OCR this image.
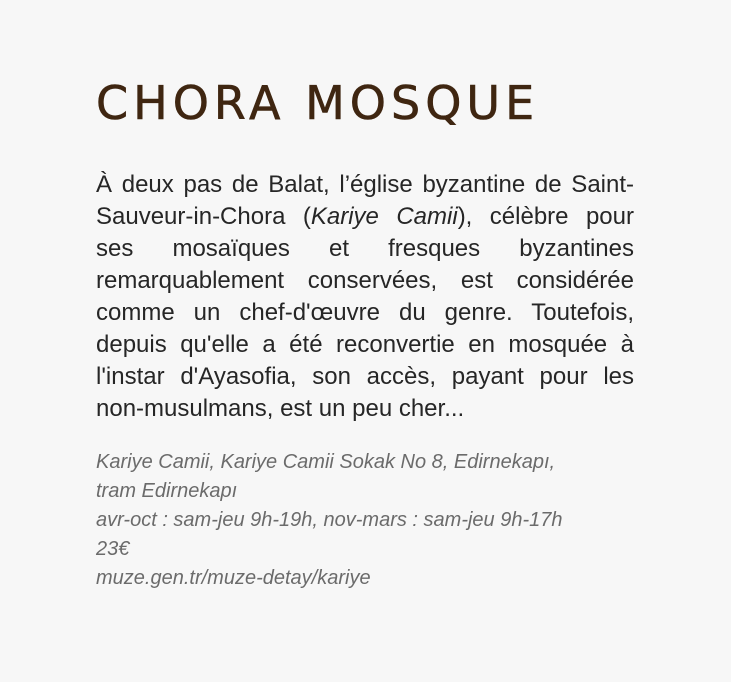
CHORA MOSQUE

À deux pas de Balat, l’église byzantine de Saint-Sauveur-in-Chora (Kariye Camii), célèbre pour ses mosaïques et fresques byzantines remarquablement conservées, est considérée comme un chef-d'œuvre du genre. Toutefois, depuis qu'elle a été reconvertie en mosquée à l'instar d'Ayasofia, son accès, payant pour les non-musulmans, est un peu cher...

Kariye Camii, Kariye Camii Sokak No 8, Edirnekapı,
tram Edirnekapı
avr-oct : sam-jeu 9h-19h, nov-mars : sam-jeu 9h-17h
23€
muze.gen.tr/muze-detay/kariye
